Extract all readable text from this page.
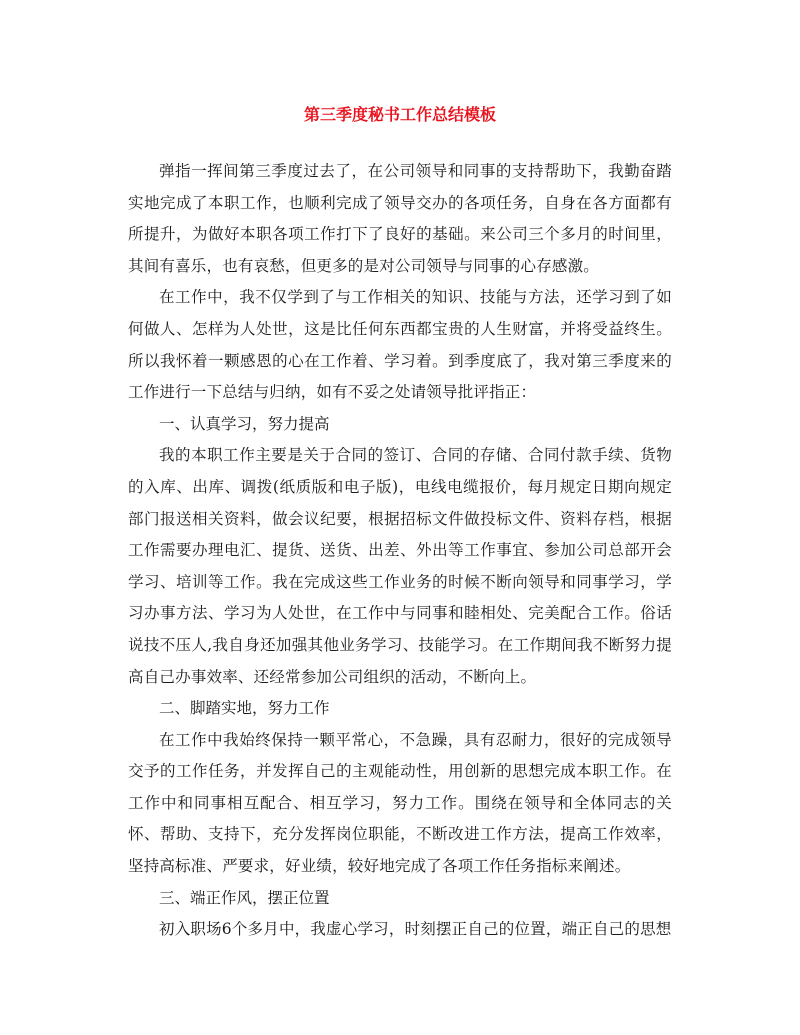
第三季度秘书工作总结模板

弹指一挥间第三季度过去了，在公司领导和同事的支持帮助下，我勤奋踏实地完成了本职工作，也顺利完成了领导交办的各项任务，自身在各方面都有所提升，为做好本职各项工作打下了良好的基础。来公司三个多月的时间里，其间有喜乐，也有哀愁，但更多的是对公司领导与同事的心存感激。

在工作中，我不仅学到了与工作相关的知识、技能与方法，还学习到了如何做人、怎样为人处世，这是比任何东西都宝贵的人生财富，并将受益终生。所以我怀着一颗感恩的心在工作着、学习着。到季度底了，我对第三季度来的工作进行一下总结与归纳，如有不妥之处请领导批评指正：

一、认真学习，努力提高

我的本职工作主要是关于合同的签订、合同的存储、合同付款手续、货物的入库、出库、调拨(纸质版和电子版)，电线电缆报价，每月规定日期向规定部门报送相关资料，做会议纪要，根据招标文件做投标文件、资料存档，根据工作需要办理电汇、提货、送货、出差、外出等工作事宜、参加公司总部开会学习、培训等工作。我在完成这些工作业务的时候不断向领导和同事学习，学习办事方法、学习为人处世，在工作中与同事和睦相处、完美配合工作。俗话说技不压人,我自身还加强其他业务学习、技能学习。在工作期间我不断努力提高自己办事效率、还经常参加公司组织的活动，不断向上。

二、脚踏实地，努力工作

在工作中我始终保持一颗平常心，不急躁，具有忍耐力，很好的完成领导交予的工作任务，并发挥自己的主观能动性，用创新的思想完成本职工作。在工作中和同事相互配合、相互学习，努力工作。围绕在领导和全体同志的关怀、帮助、支持下，充分发挥岗位职能，不断改进工作方法，提高工作效率，坚持高标准、严要求，好业绩，较好地完成了各项工作任务指标来阐述。

三、端正作风，摆正位置

初入职场6个多月中，我虚心学习，时刻摆正自己的位置，端正自己的思想
